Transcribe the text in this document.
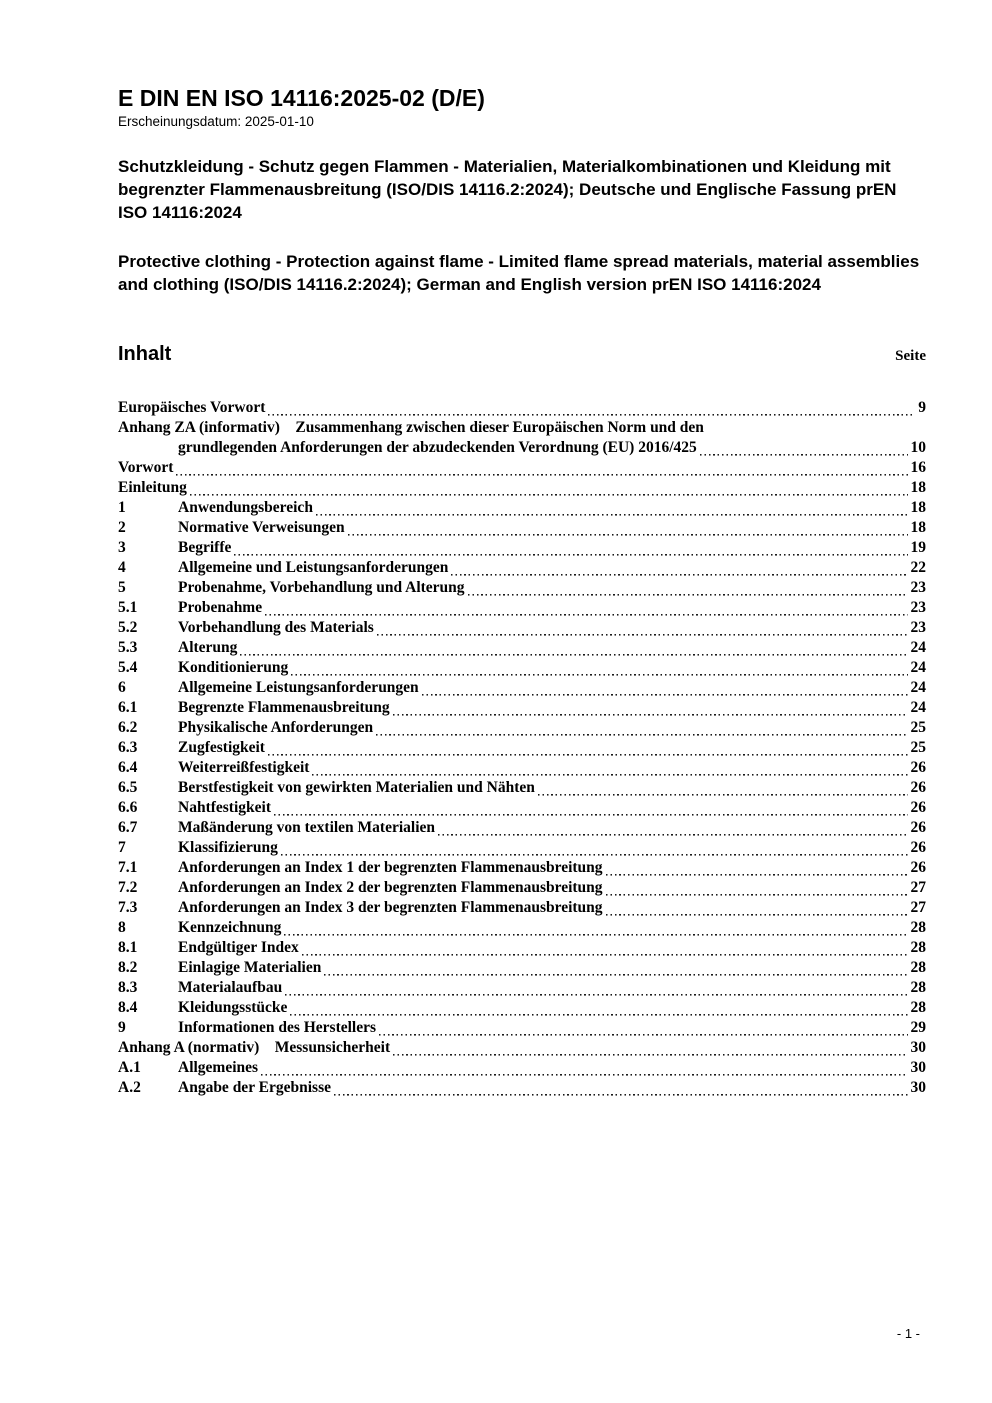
E DIN EN ISO 14116:2025-02 (D/E)
Erscheinungsdatum: 2025-01-10

Schutzkleidung - Schutz gegen Flammen - Materialien, Materialkombinationen und Kleidung mit begrenzter Flammenausbreitung (ISO/DIS 14116.2:2024); Deutsche und Englische Fassung prEN ISO 14116:2024

Protective clothing - Protection against flame - Limited flame spread materials, material assemblies and clothing (ISO/DIS 14116.2:2024); German and English version prEN ISO 14116:2024

Inhalt	Seite
Europäisches Vorwort	9
Anhang ZA (informativ) Zusammenhang zwischen dieser Europäischen Norm und den
grundlegenden Anforderungen der abzudeckenden Verordnung (EU) 2016/425	10
Vorwort	16
Einleitung	18
1	Anwendungsbereich	18
2	Normative Verweisungen	18
3	Begriffe	19
4	Allgemeine und Leistungsanforderungen	22
5	Probenahme, Vorbehandlung und Alterung	23
5.1	Probenahme	23
5.2	Vorbehandlung des Materials	23
5.3	Alterung	24
5.4	Konditionierung	24
6	Allgemeine Leistungsanforderungen	24
6.1	Begrenzte Flammenausbreitung	24
6.2	Physikalische Anforderungen	25
6.3	Zugfestigkeit	25
6.4	Weiterreißfestigkeit	26
6.5	Berstfestigkeit von gewirkten Materialien und Nähten	26
6.6	Nahtfestigkeit	26
6.7	Maßänderung von textilen Materialien	26
7	Klassifizierung	26
7.1	Anforderungen an Index 1 der begrenzten Flammenausbreitung	26
7.2	Anforderungen an Index 2 der begrenzten Flammenausbreitung	27
7.3	Anforderungen an Index 3 der begrenzten Flammenausbreitung	27
8	Kennzeichnung	28
8.1	Endgültiger Index	28
8.2	Einlagige Materialien	28
8.3	Materialaufbau	28
8.4	Kleidungsstücke	28
9	Informationen des Herstellers	29
Anhang A (normativ) Messunsicherheit	30
A.1	Allgemeines	30
A.2	Angabe der Ergebnisse	30
- 1 -
